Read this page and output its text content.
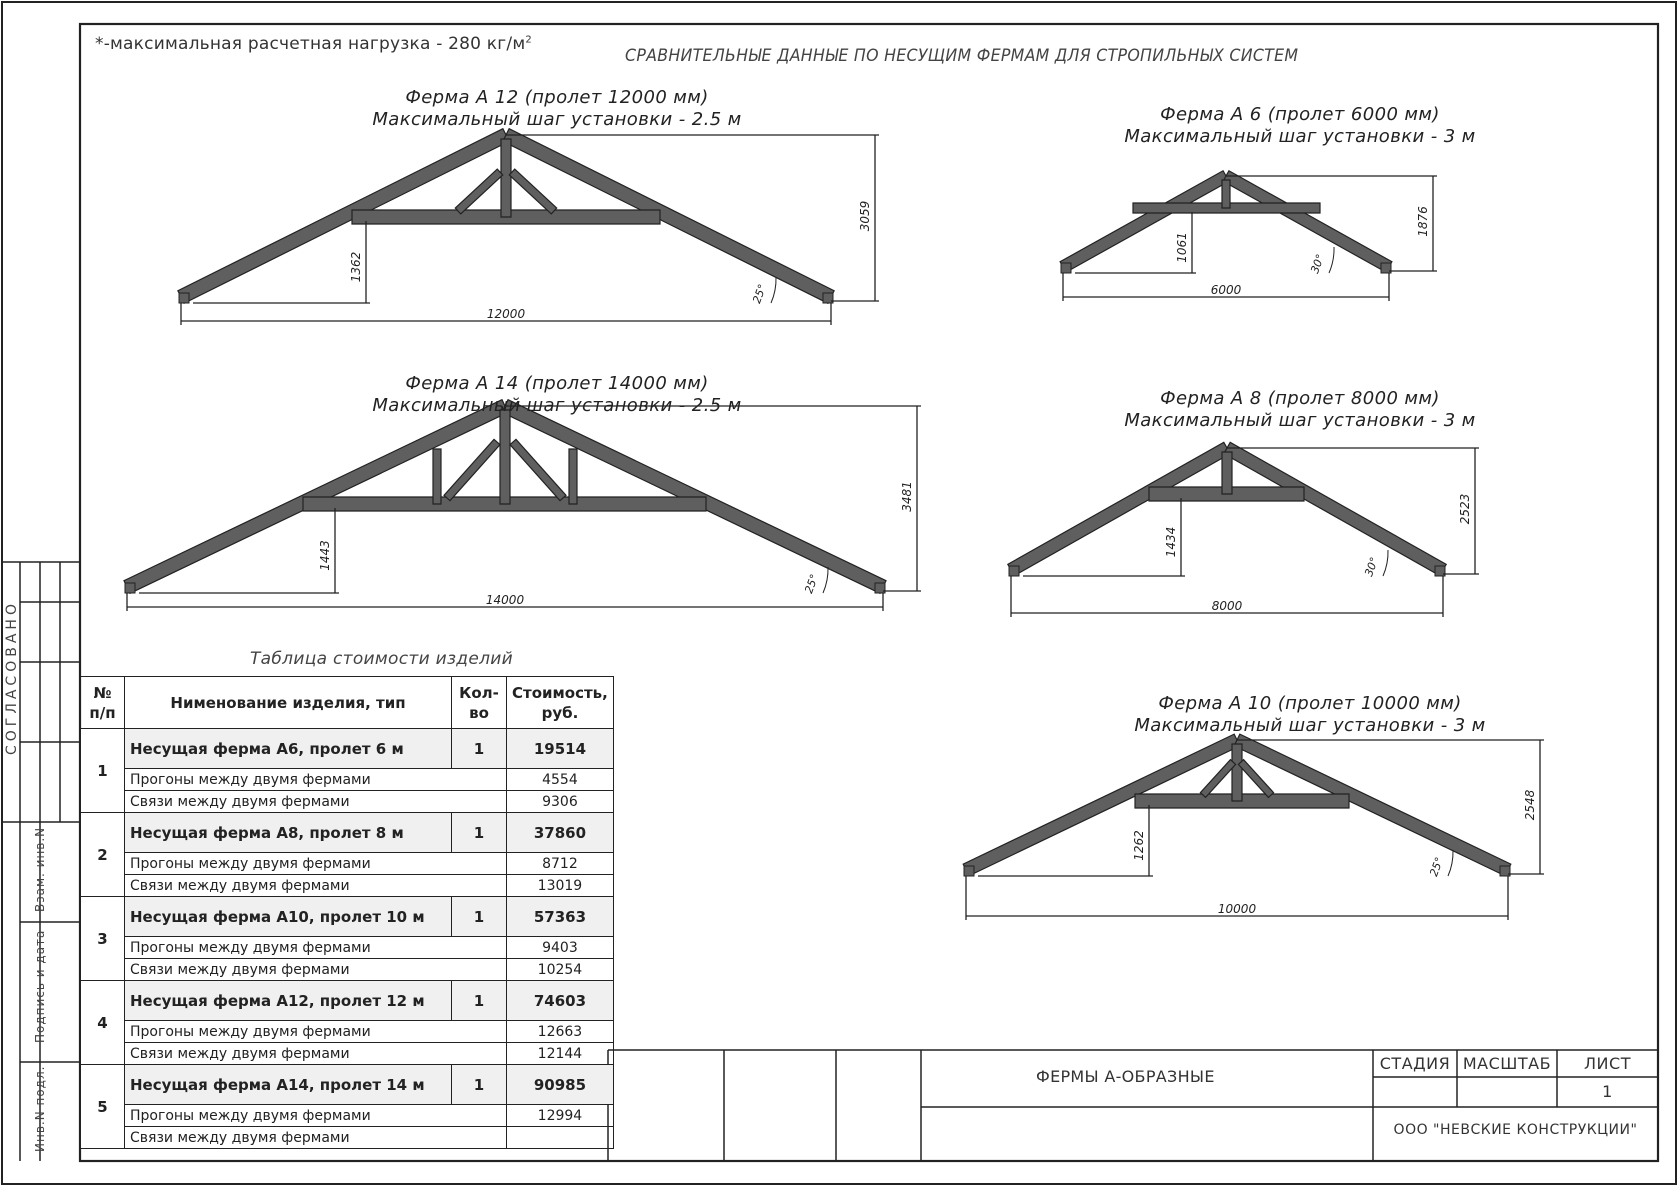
12000
3059
1362
25°
14000
3481
1443
25°
6000
1876
1061
30°
8000
2523
1434
30°
10000
2548
1262
25°
*-максимальная расчетная нагрузка - 280 $кг/м^2$
СРАВНИТЕЛЬНЫЕ ДАННЫЕ ПО НЕСУЩИМ ФЕРМАМ ДЛЯ СТРОПИЛЬНЫХ СИСТЕМ
Ферма А 12 (пролет 12000 мм)
Максимальный шаг установки - 2.5 м
Ферма А 14 (пролет 14000 мм)
Максимальный шаг установки - 2.5 м
Ферма А 6 (пролет 6000 мм)
Максимальный шаг установки - 3 м
Ферма А 8 (пролет 8000 мм)
Максимальный шаг установки - 3 м
Ферма А 10 (пролет 10000 мм)
Максимальный шаг установки - 3 м
Таблица стоимости изделий
СОГЛАСОВАНО
Взам. инв.N
Подпись и дата
Инв.N подл.	ФЕРМЫ А-ОБРАЗНЫЕ
СТАДИЯ МАСШТАБ	ЛИСТ
1
ООО "НЕВСКИЕ КОНСТРУКЦИИ"
№ п/п	Нименование изделия, тип	Кол- во	Стоимость, руб.
1	Несущая ферма А6, пролет 6 м	1	19514
	Прогоны между двумя фермами		4554
	Связи между двумя фермами		9306
2	Несущая ферма А8, пролет 8 м	1	37860
	Прогоны между двумя фермами		8712
	Связи между двумя фермами		13019
3	Несущая ферма А10, пролет 10 м	1	57363
	Прогоны между двумя фермами		9403
	Связи между двумя фермами		10254
4	Несущая ферма А12, пролет 12 м	1	74603
	Прогоны между двумя фермами		12663
	Связи между двумя фермами		12144
5	Несущая ферма А14, пролет 14 м	1	90985
	Прогоны между двумя фермами		12994
	Связи между двумя фермами		
